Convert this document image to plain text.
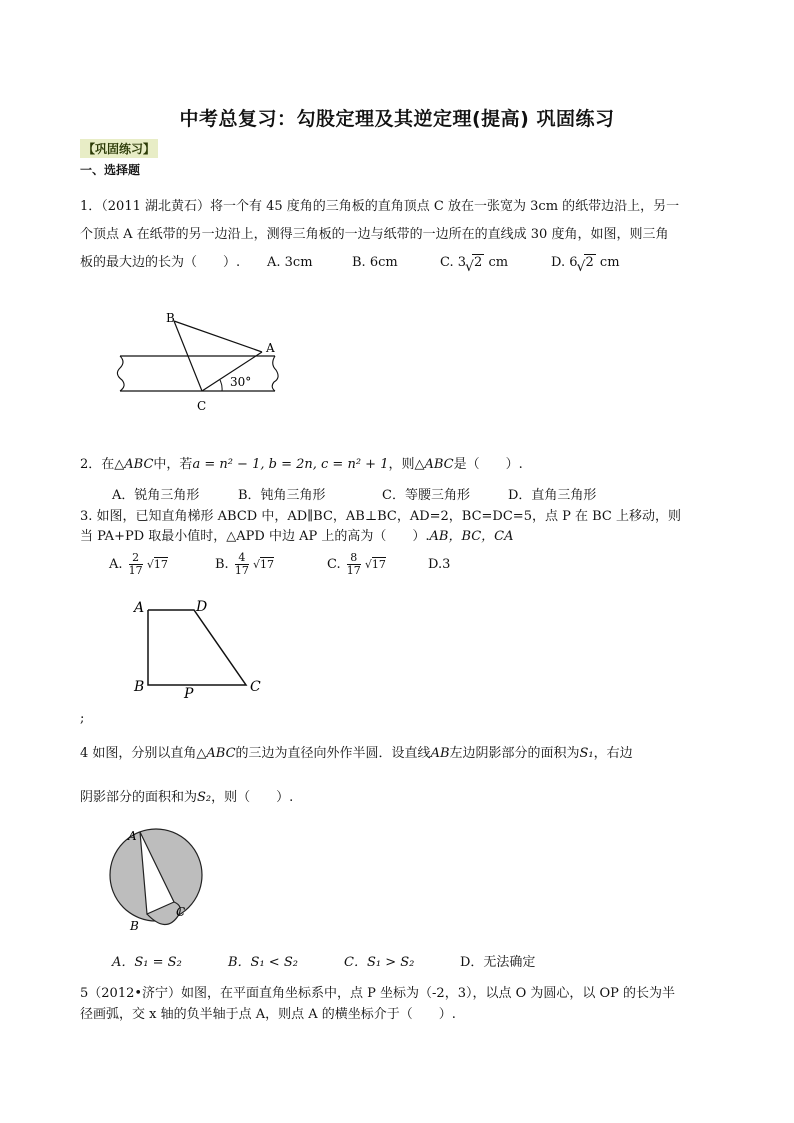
中考总复习：勾股定理及其逆定理(提高) 巩固练习
【巩固练习】
一、选择题
1．（2011 湖北黄石）将一个有 45 度角的三角板的直角顶点 C 放在一张宽为 3cm 的纸带边沿上，另一
个顶点 A 在纸带的另一边沿上，测得三角板的一边与纸带的一边所在的直线成 30 度角，如图，则三角
板的最大边的长为（　　）. A. 3cm	B. 6cm	C. 3 √ 2 cm	D. 6 √ 2 cm
B
A
C
30°
2．在△ABC中，若a = n² − 1, b = 2n, c = n² + 1，则△ABC是（　　）.
A．锐角三角形	B．钝角三角形	C．等腰三角形	D．直角三角形
3. 如图，已知直角梯形 ABCD 中，AD∥BC，AB⊥BC，AD=2，BC=DC=5，点 P 在 BC 上移动，则
当 PA+PD 取最小值时，△APD 中边 AP 上的高为（　　）.AB，BC，CA
A. $\frac{2}{17} √17$	B. $\frac{4}{17} √17$	C. $\frac{8}{17} √17$	D.3
A	D
B	P	C
;
4 如图，分别以直角△ABC的三边为直径向外作半圆．设直线AB左边阴影部分的面积为S₁，右边
阴影部分的面积和为S₂，则（　　）.
A
B
C
A．S₁ = S₂	B．S₁ < S₂	C．S₁ > S₂	D．无法确定
5（2012•济宁）如图，在平面直角坐标系中，点 P 坐标为（-2，3），以点 O 为圆心，以 OP 的长为半
径画弧，交 x 轴的负半轴于点 A，则点 A 的横坐标介于（　　）.
